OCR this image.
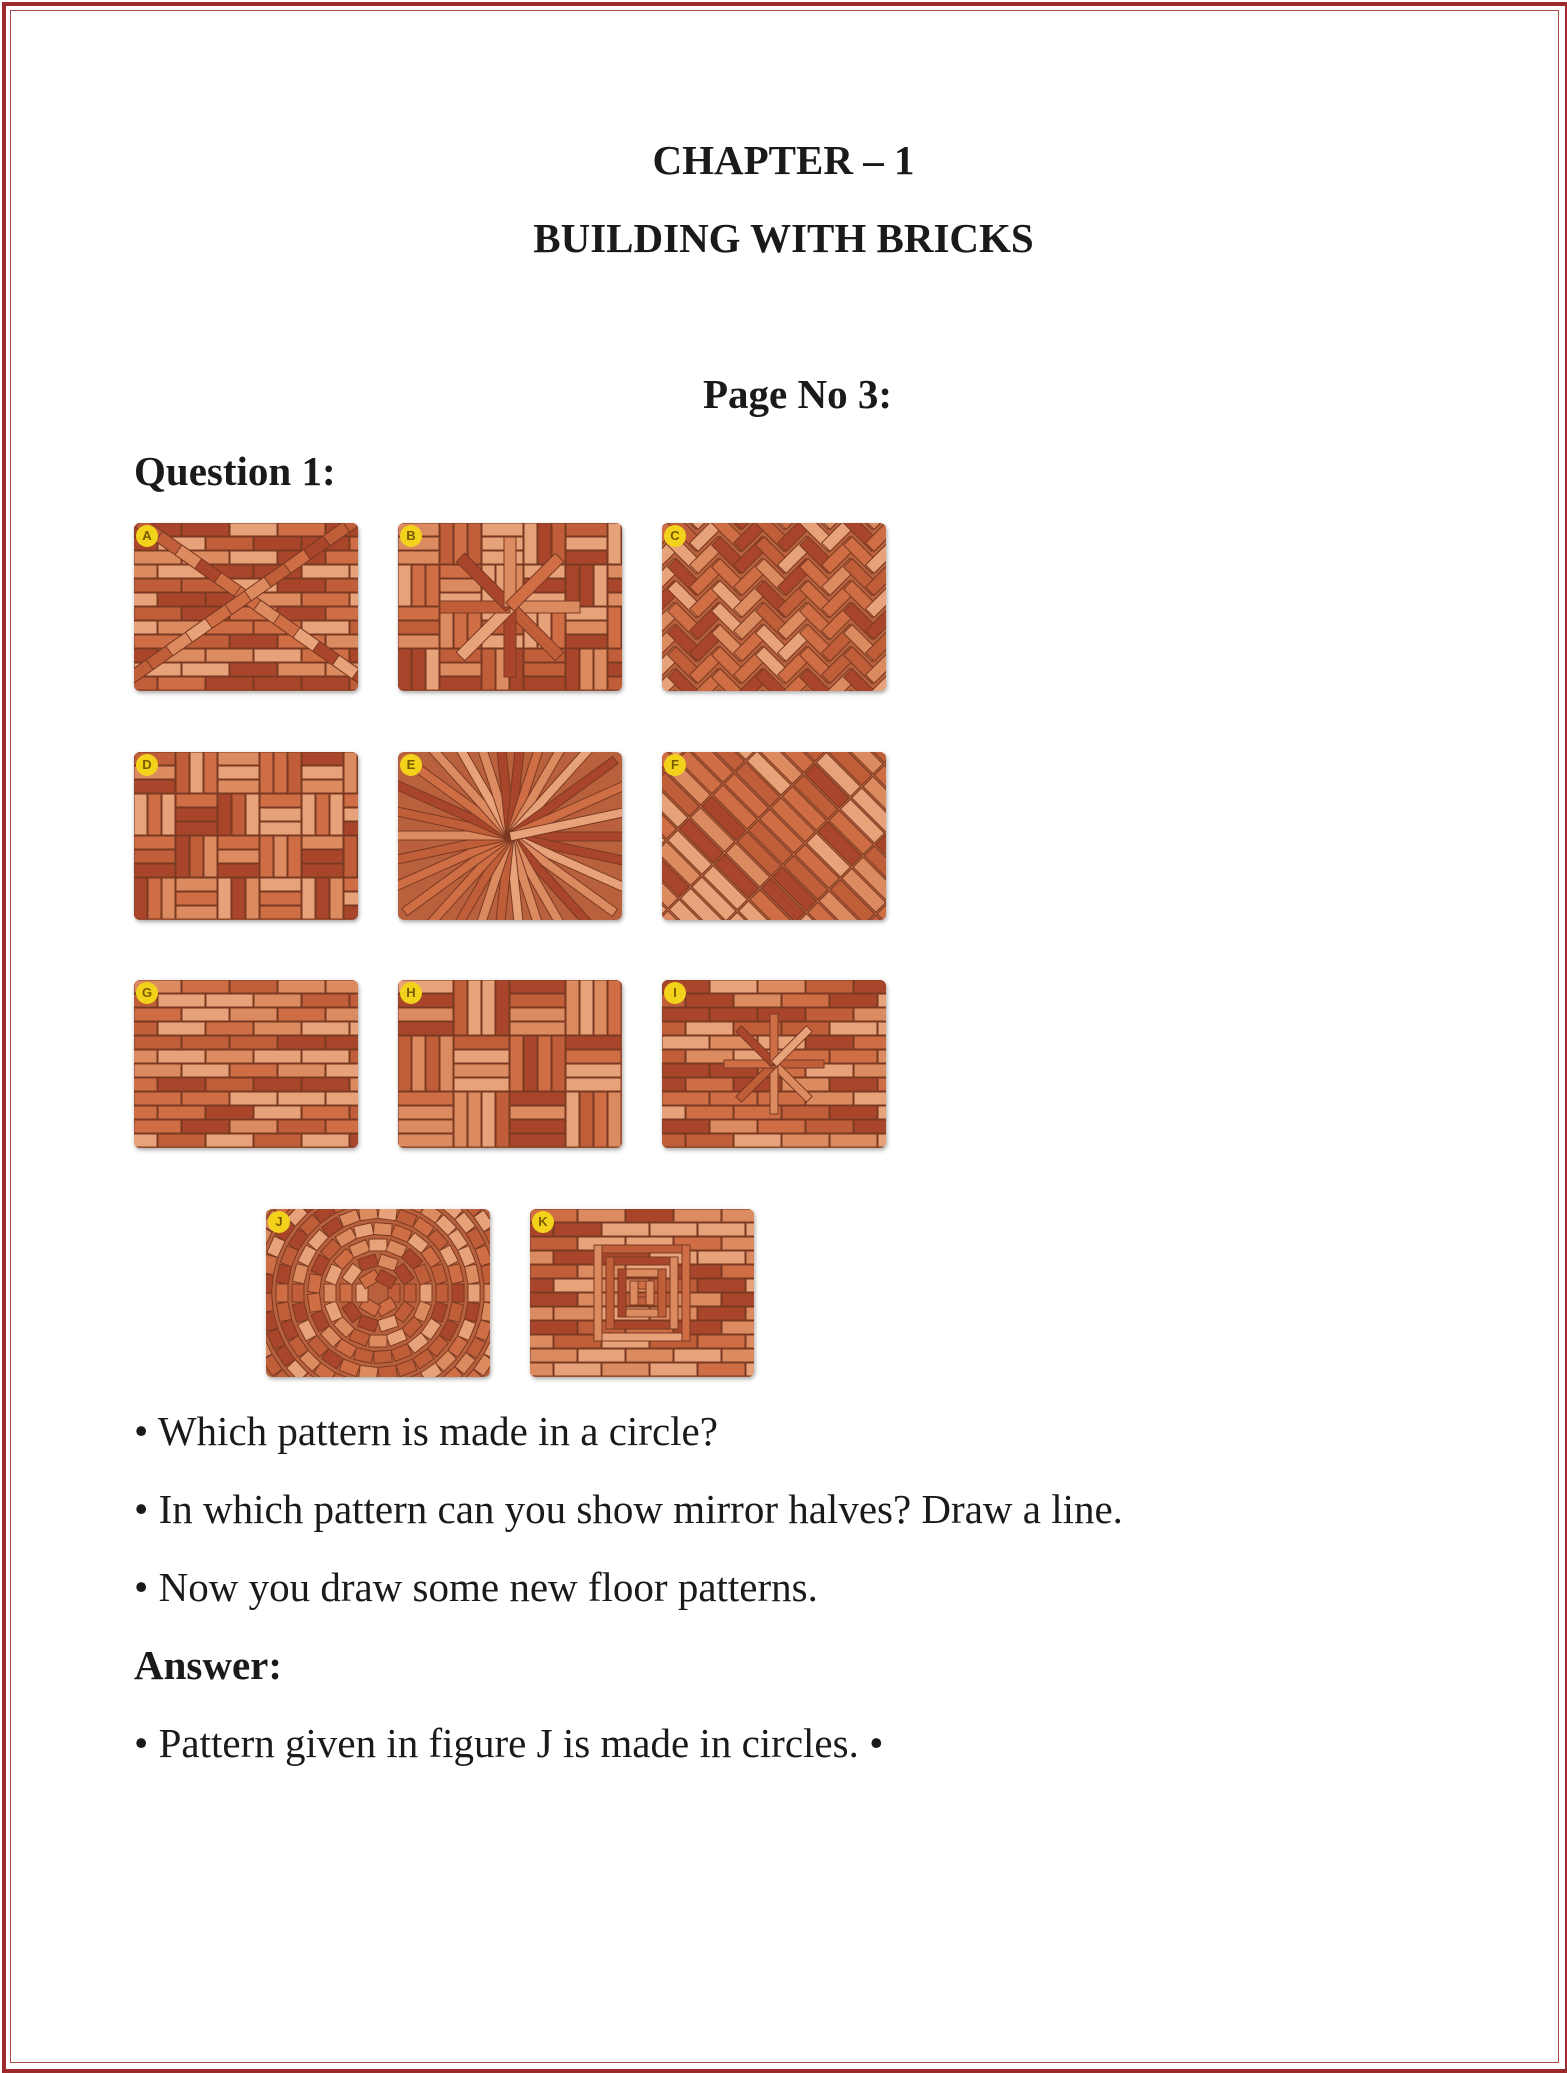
CHAPTER – 1
BUILDING WITH BRICKS
Page No 3:
Question 1:
A	B	C
D	E	F
G	H	I
J	K

• Which pattern is made in a circle?

• In which pattern can you show mirror halves? Draw a line.

• Now you draw some new floor patterns.

Answer:

• Pattern given in figure J is made in circles. •
